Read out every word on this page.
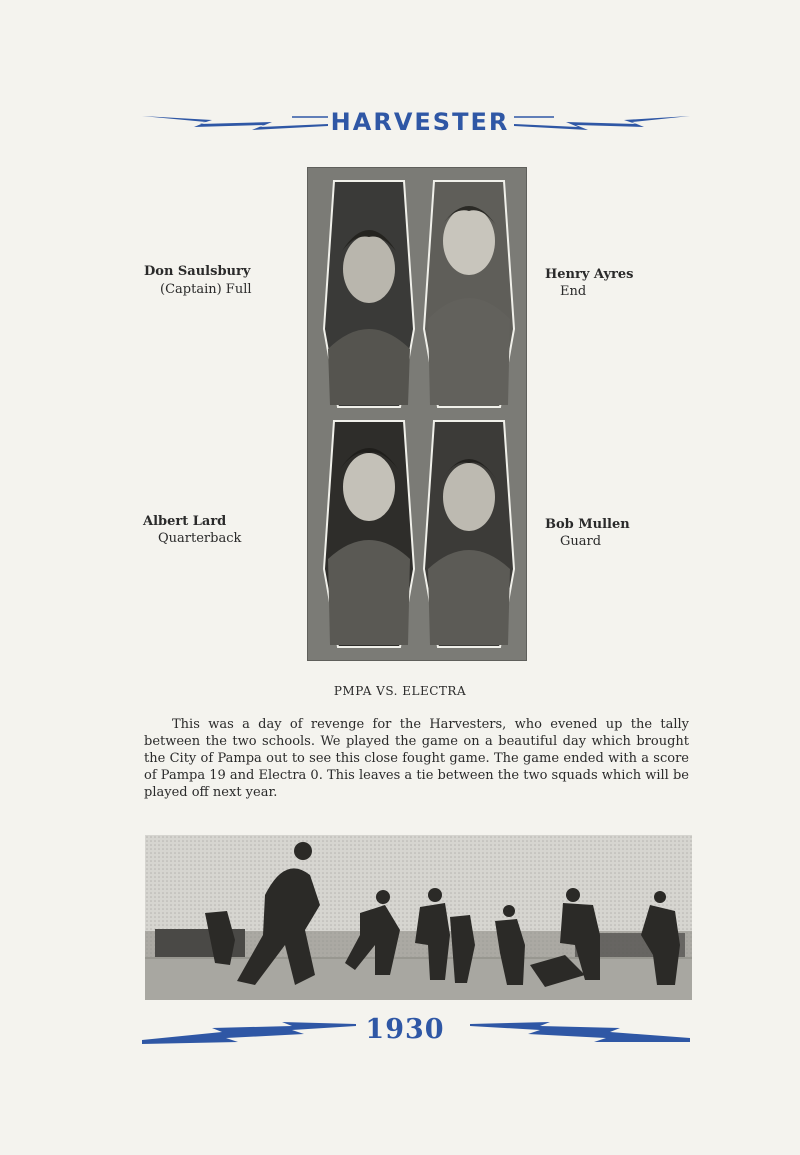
HARVESTER
Don Saulsbury
(Captain) Full
Henry Ayres
End
Albert Lard
Quarterback
Bob Mullen
Guard
PMPA VS. ELECTRA
This was a day of revenge for the Harvesters, who evened up the tally between the two schools. We played the game on a beautiful day which brought the City of Pampa out to see this close fought game. The game ended with a score of Pampa 19 and Electra 0. This leaves a tie between the two squads which will be played off next year.
1930
